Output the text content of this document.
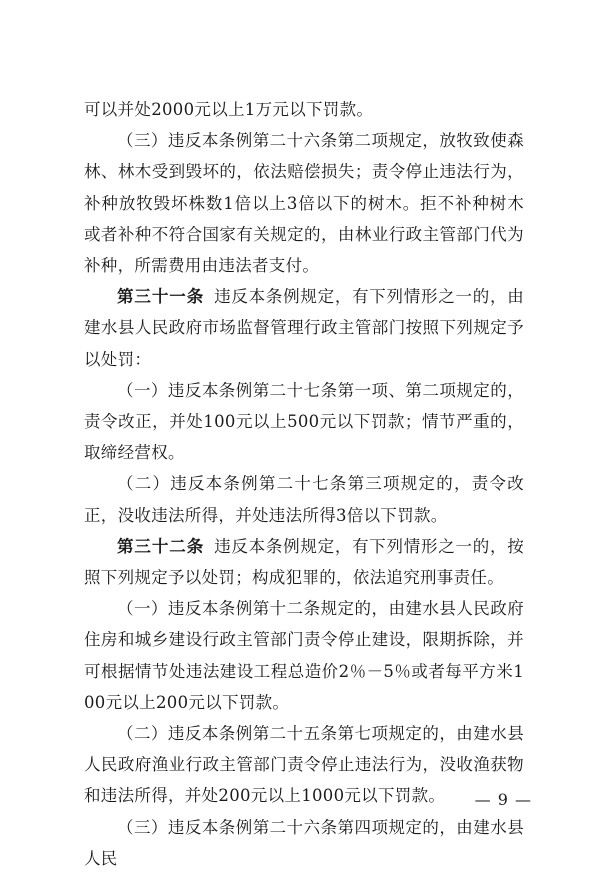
可以并处2000元以上1万元以下罚款。

（三）违反本条例第二十六条第二项规定，放牧致使森林、林木受到毁坏的，依法赔偿损失；责令停止违法行为，补种放牧毁坏株数1倍以上3倍以下的树木。拒不补种树木或者补种不符合国家有关规定的，由林业行政主管部门代为补种，所需费用由违法者支付。

第三十一条 违反本条例规定，有下列情形之一的，由建水县人民政府市场监督管理行政主管部门按照下列规定予以处罚：

（一）违反本条例第二十七条第一项、第二项规定的，责令改正，并处100元以上500元以下罚款；情节严重的，取缔经营权。

（二）违反本条例第二十七条第三项规定的，责令改正，没收违法所得，并处违法所得3倍以下罚款。

第三十二条 违反本条例规定，有下列情形之一的，按照下列规定予以处罚；构成犯罪的，依法追究刑事责任。

（一）违反本条例第十二条规定的，由建水县人民政府住房和城乡建设行政主管部门责令停止建设，限期拆除，并可根据情节处违法建设工程总造价2％－5％或者每平方米100元以上200元以下罚款。

（二）违反本条例第二十五条第七项规定的，由建水县人民政府渔业行政主管部门责令停止违法行为，没收渔获物和违法所得，并处200元以上1000元以下罚款。

（三）违反本条例第二十六条第四项规定的，由建水县人民

— 9 —
